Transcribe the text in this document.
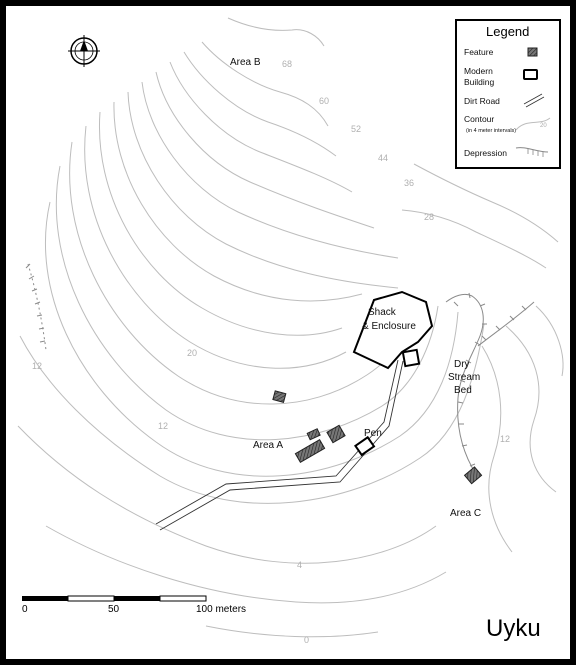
68
60
52
44
36
28
20
12
12
12
4
0
Area B
Area A
Area C
Shack
& Enclosure
Pen
Dry
Stream
Bed
Legend
Feature
Modern
Building
Dirt Road
Contour
(in 4 meter intervals)
20
Depression
0	50	100 meters
Uyku
